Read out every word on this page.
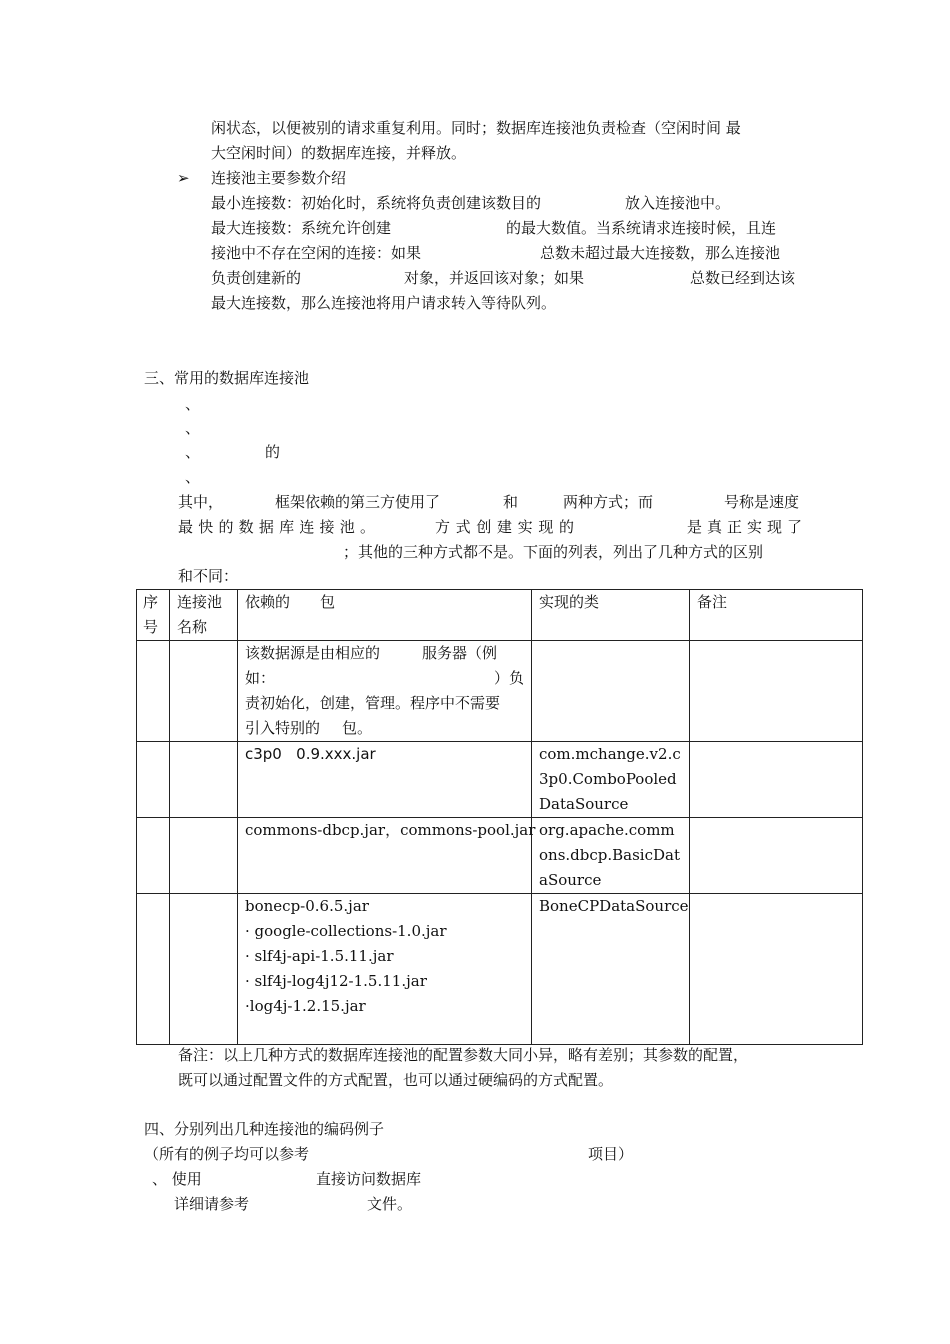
闲状态，以便被别的请求重复利用。同时；数据库连接池负责检查（空闲时间 最
大空闲时间）的数据库连接，并释放。
➢ 连接池主要参数介绍
最小连接数：初始化时，系统将负责创建该数目的	放入连接池中。
最大连接数：系统允许创建	的最大数值。当系统请求连接时候，且连
接池中不存在空闲的连接：如果	总数未超过最大连接数，那么连接池
负责创建新的	对象，并返回该对象；如果	总数已经到达该
最大连接数，那么连接池将用户请求转入等待队列。
三、常用的数据库连接池
、
、
、	的
、
其中，	框架依赖的第三方使用了	和	两种方式；而	号称是速度
最快的数据库连接池。	方式创建实现的	是真正实现了
；其他的三种方式都不是。下面的列表，列出了几种方式的区别
和不同：
序号	连接池名称	依赖的 包	实现的类	备注

		该数据源是由相应的 服务器（例
如： ）负
责初始化，创建，管理。程序中不需要
引入特别的 包。		

		c3p0   0.9.xxx.jar	com.mchange.v2.c3p0.ComboPooledDataSource	
		commons-dbcp.jar，commons-pool.jar	org.apache.commons.dbcp.BasicDataSource	

		bonecp-0.6.5.jar
· google-collections-1.0.jar
· slf4j-api-1.5.11.jar
· slf4j-log4j12-1.5.11.jar
·log4j-1.2.15.jar	BoneCPDataSource	
备注：以上几种方式的数据库连接池的配置参数大同小异，略有差别；其参数的配置，
既可以通过配置文件的方式配置，也可以通过硬编码的方式配置。
四、分别列出几种连接池的编码例子
（所有的例子均可以参考	项目）
、 使用	直接访问数据库
详细请参考	文件。
